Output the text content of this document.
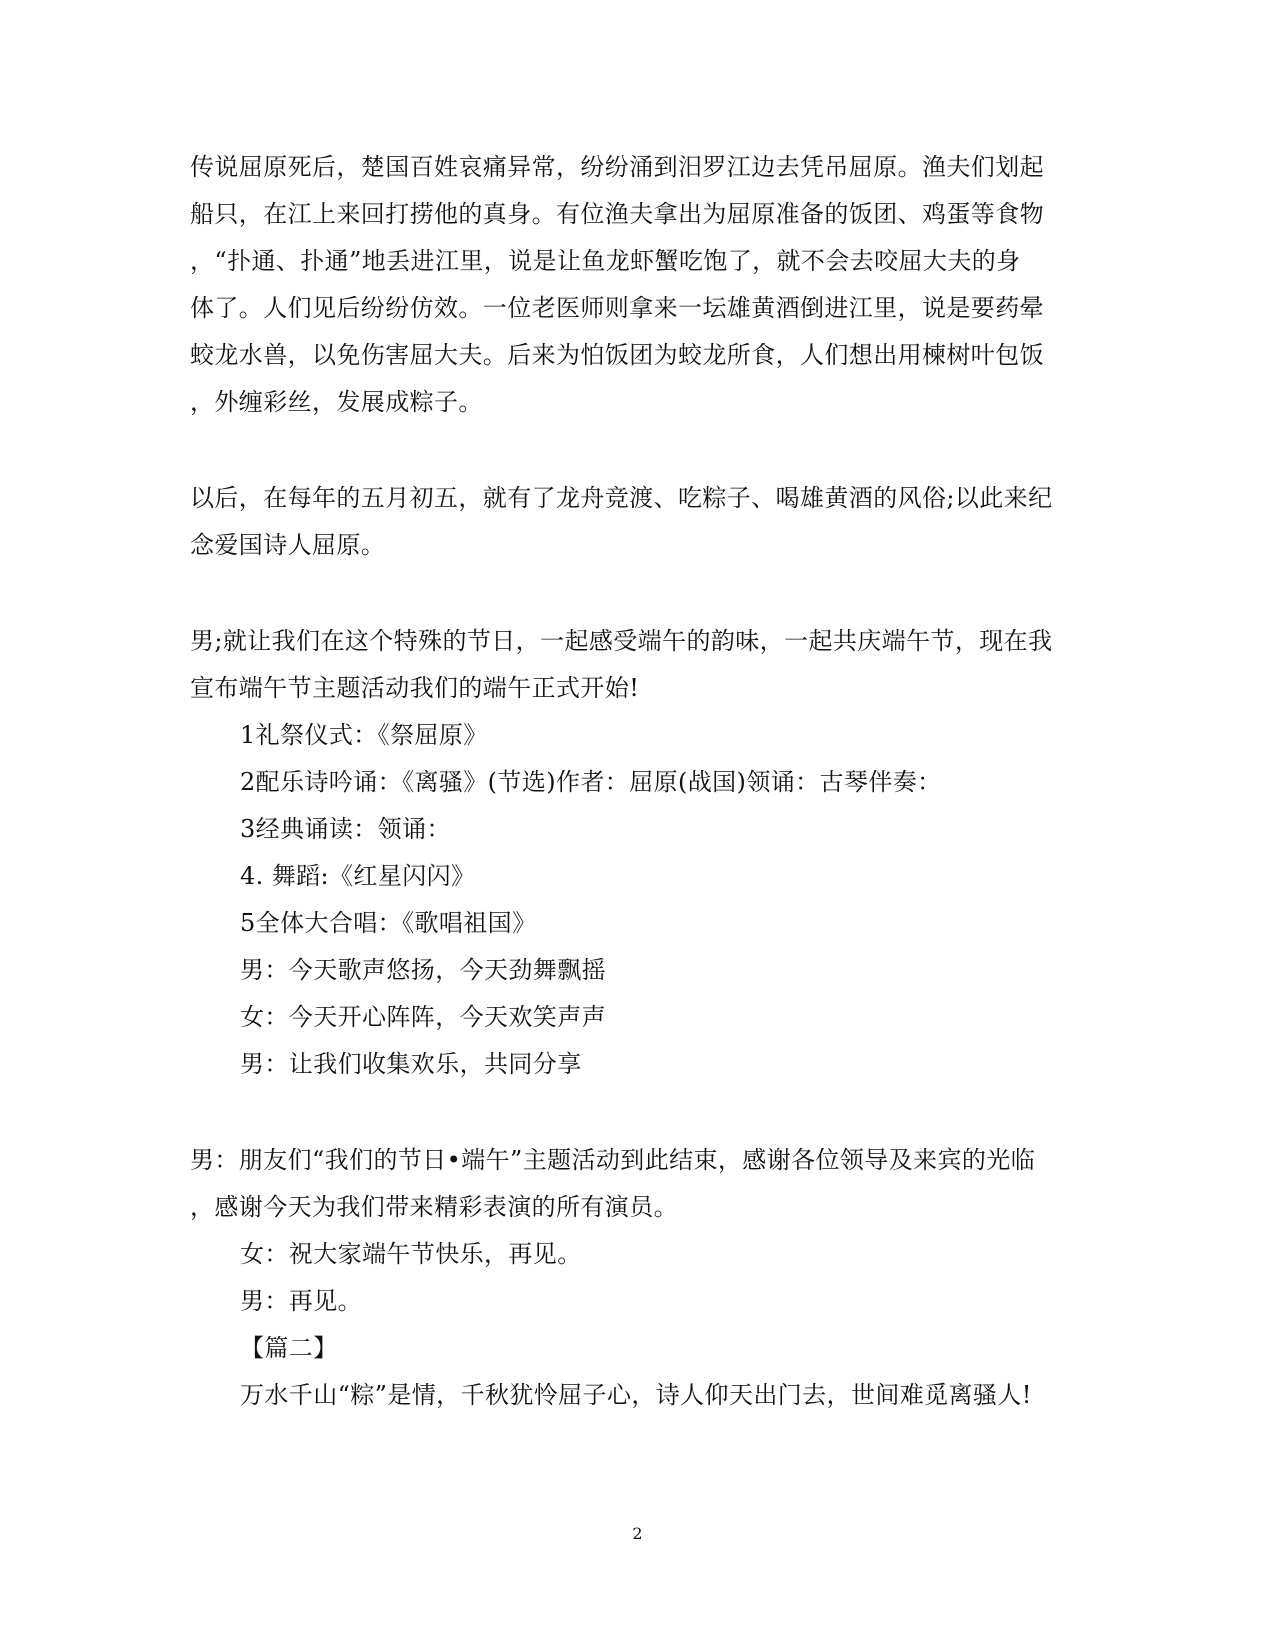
传说屈原死后，楚国百姓哀痛异常，纷纷涌到汨罗江边去凭吊屈原。渔夫们划起
船只，在江上来回打捞他的真身。有位渔夫拿出为屈原准备的饭团、鸡蛋等食物
，“扑通、扑通”地丢进江里，说是让鱼龙虾蟹吃饱了，就不会去咬屈大夫的身
体了。人们见后纷纷仿效。一位老医师则拿来一坛雄黄酒倒进江里，说是要药晕
蛟龙水兽，以免伤害屈大夫。后来为怕饭团为蛟龙所食，人们想出用楝树叶包饭
，外缠彩丝，发展成粽子。
以后，在每年的五月初五，就有了龙舟竞渡、吃粽子、喝雄黄酒的风俗;以此来纪
念爱国诗人屈原。
男;就让我们在这个特殊的节日，一起感受端午的韵味，一起共庆端午节，现在我
宣布端午节主题活动我们的端午正式开始!
1礼祭仪式：《祭屈原》
2配乐诗吟诵：《离骚》(节选)作者：屈原(战国)领诵：古琴伴奏：
3经典诵读：领诵：
4. 舞蹈:《红星闪闪》
5全体大合唱：《歌唱祖国》
男：今天歌声悠扬，今天劲舞飘摇
女：今天开心阵阵，今天欢笑声声
男：让我们收集欢乐，共同分享
男：朋友们“我们的节日•端午”主题活动到此结束，感谢各位领导及来宾的光临
，感谢今天为我们带来精彩表演的所有演员。
女：祝大家端午节快乐，再见。
男：再见。
【篇二】
万水千山“粽”是情，千秋犹怜屈子心，诗人仰天出门去，世间难觅离骚人!
2
